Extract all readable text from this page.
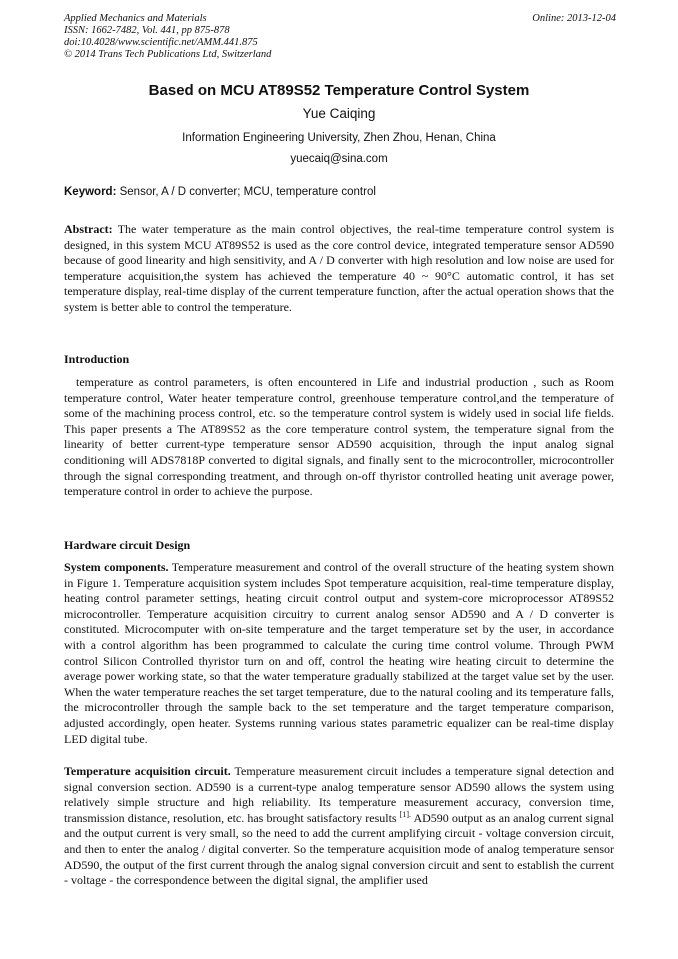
Applied Mechanics and Materials	Online: 2013-12-04
ISSN: 1662-7482, Vol. 441, pp 875-878
doi:10.4028/www.scientific.net/AMM.441.875
© 2014 Trans Tech Publications Ltd, Switzerland
Based on MCU AT89S52 Temperature Control System
Yue Caiqing
Information Engineering University, Zhen Zhou, Henan, China
yuecaiq@sina.com
Keyword: Sensor, A / D converter; MCU, temperature control
Abstract: The water temperature as the main control objectives, the real-time temperature control system is designed, in this system MCU AT89S52 is used as the core control device, integrated temperature sensor AD590 because of good linearity and high sensitivity, and A / D converter with high resolution and low noise are used for temperature acquisition,the system has achieved the temperature 40 ~ 90°C automatic control, it has set temperature display, real-time display of the current temperature function, after the actual operation shows that the system is better able to control the temperature.
Introduction
temperature as control parameters, is often encountered in Life and industrial production , such as Room temperature control, Water heater temperature control, greenhouse temperature control,and the temperature of some of the machining process control, etc. so the temperature control system is widely used in social life fields. This paper presents a The AT89S52 as the core temperature control system, the temperature signal from the linearity of better current-type temperature sensor AD590 acquisition, through the input analog signal conditioning will ADS7818P converted to digital signals, and finally sent to the microcontroller, microcontroller through the signal corresponding treatment, and through on-off thyristor controlled heating unit average power, temperature control in order to achieve the purpose.
Hardware circuit Design
System components. Temperature measurement and control of the overall structure of the heating system shown in Figure 1. Temperature acquisition system includes Spot temperature acquisition, real-time temperature display, heating control parameter settings, heating circuit control output and system-core microprocessor AT89S52 microcontroller. Temperature acquisition circuitry to current analog sensor AD590 and A / D converter is constituted. Microcomputer with on-site temperature and the target temperature set by the user, in accordance with a control algorithm has been programmed to calculate the curing time control volume. Through PWM control Silicon Controlled thyristor turn on and off, control the heating wire heating circuit to determine the average power working state, so that the water temperature gradually stabilized at the target value set by the user. When the water temperature reaches the set target temperature, due to the natural cooling and its temperature falls, the microcontroller through the sample back to the set temperature and the target temperature comparison, adjusted accordingly, open heater. Systems running various states parametric equalizer can be real-time display LED digital tube.
Temperature acquisition circuit. Temperature measurement circuit includes a temperature signal detection and signal conversion section. AD590 is a current-type analog temperature sensor AD590 allows the system using relatively simple structure and high reliability. Its temperature measurement accuracy, conversion time, transmission distance, resolution, etc. has brought satisfactory results $^{[1].}$ AD590 output as an analog current signal and the output current is very small, so the need to add the current amplifying circuit - voltage conversion circuit, and then to enter the analog / digital converter. So the temperature acquisition mode of analog temperature sensor AD590, the output of the first current through the analog signal conversion circuit and sent to establish the current - voltage - the correspondence between the digital signal, the amplifier used
